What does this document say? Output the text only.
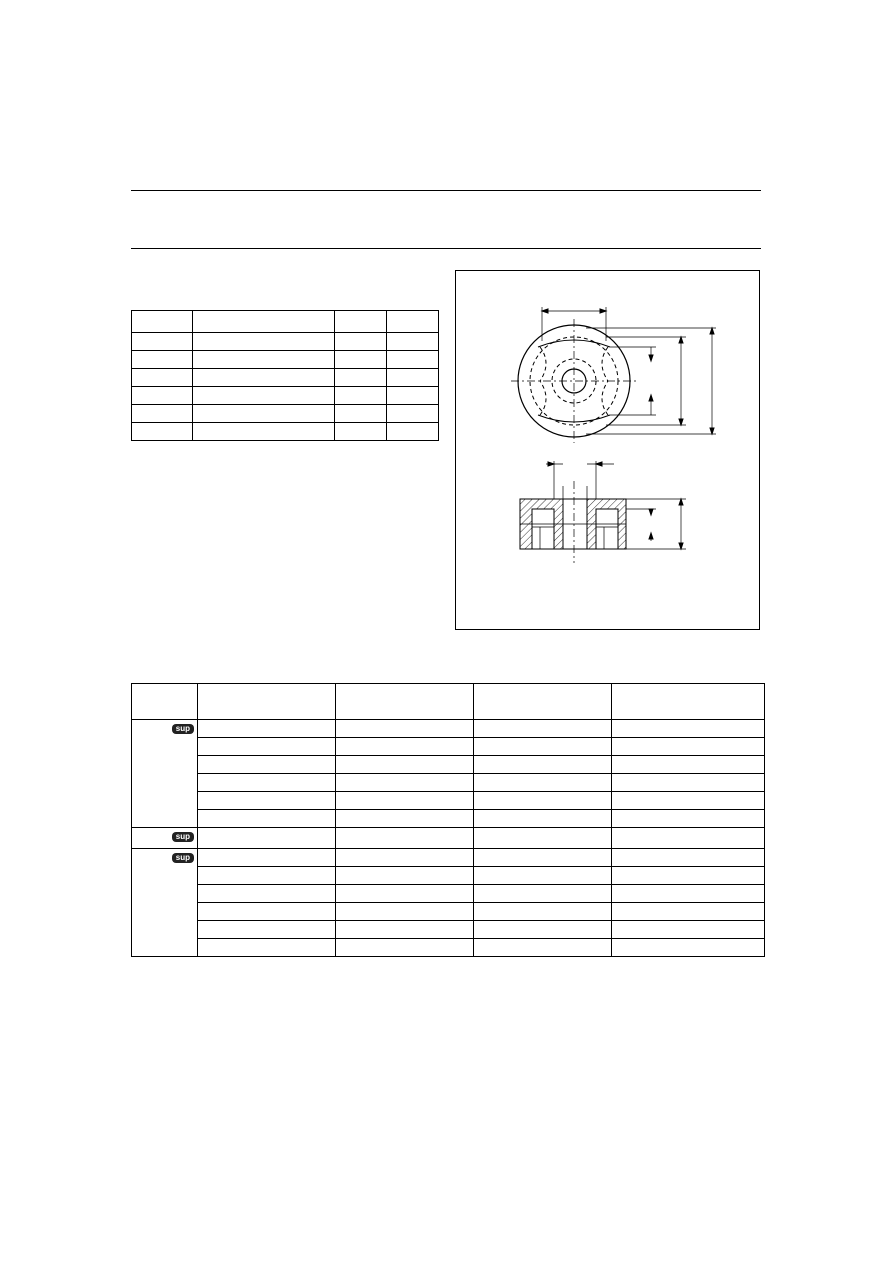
sup				

sup				
sup				
